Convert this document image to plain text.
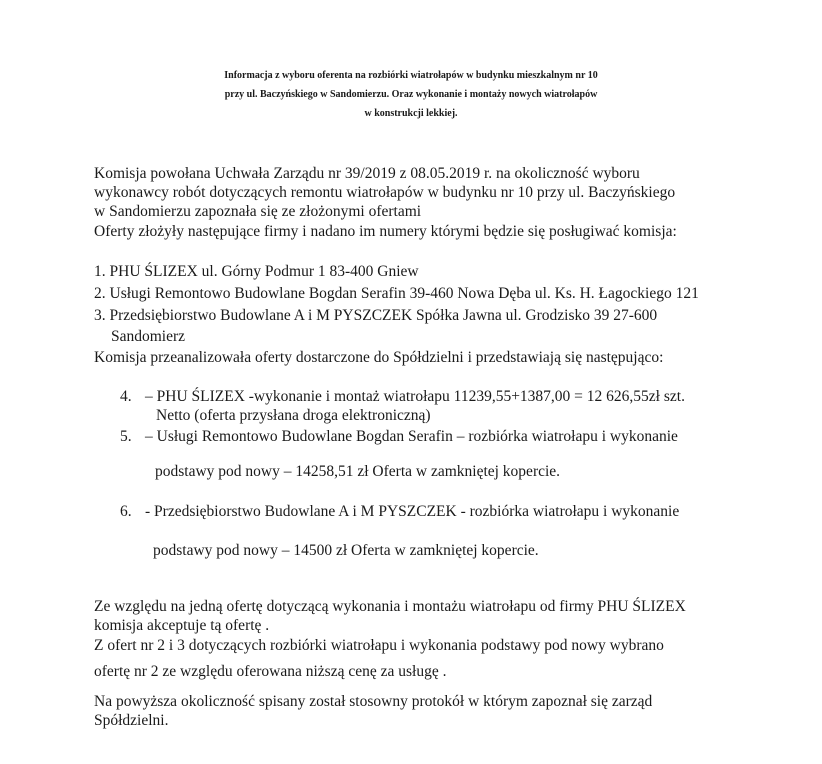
Informacja z wyboru oferenta na rozbiórki wiatrołapów w budynku mieszkalnym nr 10
przy ul. Baczyńskiego w Sandomierzu. Oraz wykonanie i montaży nowych wiatrołapów
w konstrukcji lekkiej.
Komisja powołana Uchwała Zarządu nr 39/2019 z 08.05.2019 r. na okoliczność wyboru
wykonawcy robót dotyczących remontu wiatrołapów w budynku nr 10 przy ul. Baczyńskiego
w Sandomierzu zapoznała się ze złożonymi ofertami
Oferty złożyły następujące firmy i nadano im numery którymi będzie się posługiwać komisja:
1. PHU ŚLIZEX ul. Górny Podmur 1 83-400 Gniew
2. Usługi Remontowo Budowlane Bogdan Serafin 39-460 Nowa Dęba ul. Ks. H. Łagockiego 121
3. Przedsiębiorstwo Budowlane A i M PYSZCZEK Spółka Jawna ul. Grodzisko 39 27-600
Sandomierz
Komisja przeanalizowała oferty dostarczone do Spółdzielni i przedstawiają się następująco:
4. – PHU ŚLIZEX -wykonanie i montaż wiatrołapu 11239,55+1387,00 = 12 626,55zł szt.
Netto (oferta przysłana droga elektroniczną)
5. – Usługi Remontowo Budowlane Bogdan Serafin – rozbiórka wiatrołapu i wykonanie
podstawy pod nowy – 14258,51 zł Oferta w zamkniętej kopercie.
6. - Przedsiębiorstwo Budowlane A i M PYSZCZEK - rozbiórka wiatrołapu i wykonanie
podstawy pod nowy – 14500 zł Oferta w zamkniętej kopercie.
Ze względu na jedną ofertę dotyczącą wykonania i montażu wiatrołapu od firmy PHU ŚLIZEX
komisja akceptuje tą ofertę .
Z ofert nr 2 i 3 dotyczących rozbiórki wiatrołapu i wykonania podstawy pod nowy wybrano
ofertę nr 2 ze względu oferowana niższą cenę za usługę .
Na powyższa okoliczność spisany został stosowny protokół w którym zapoznał się zarząd
Spółdzielni.
